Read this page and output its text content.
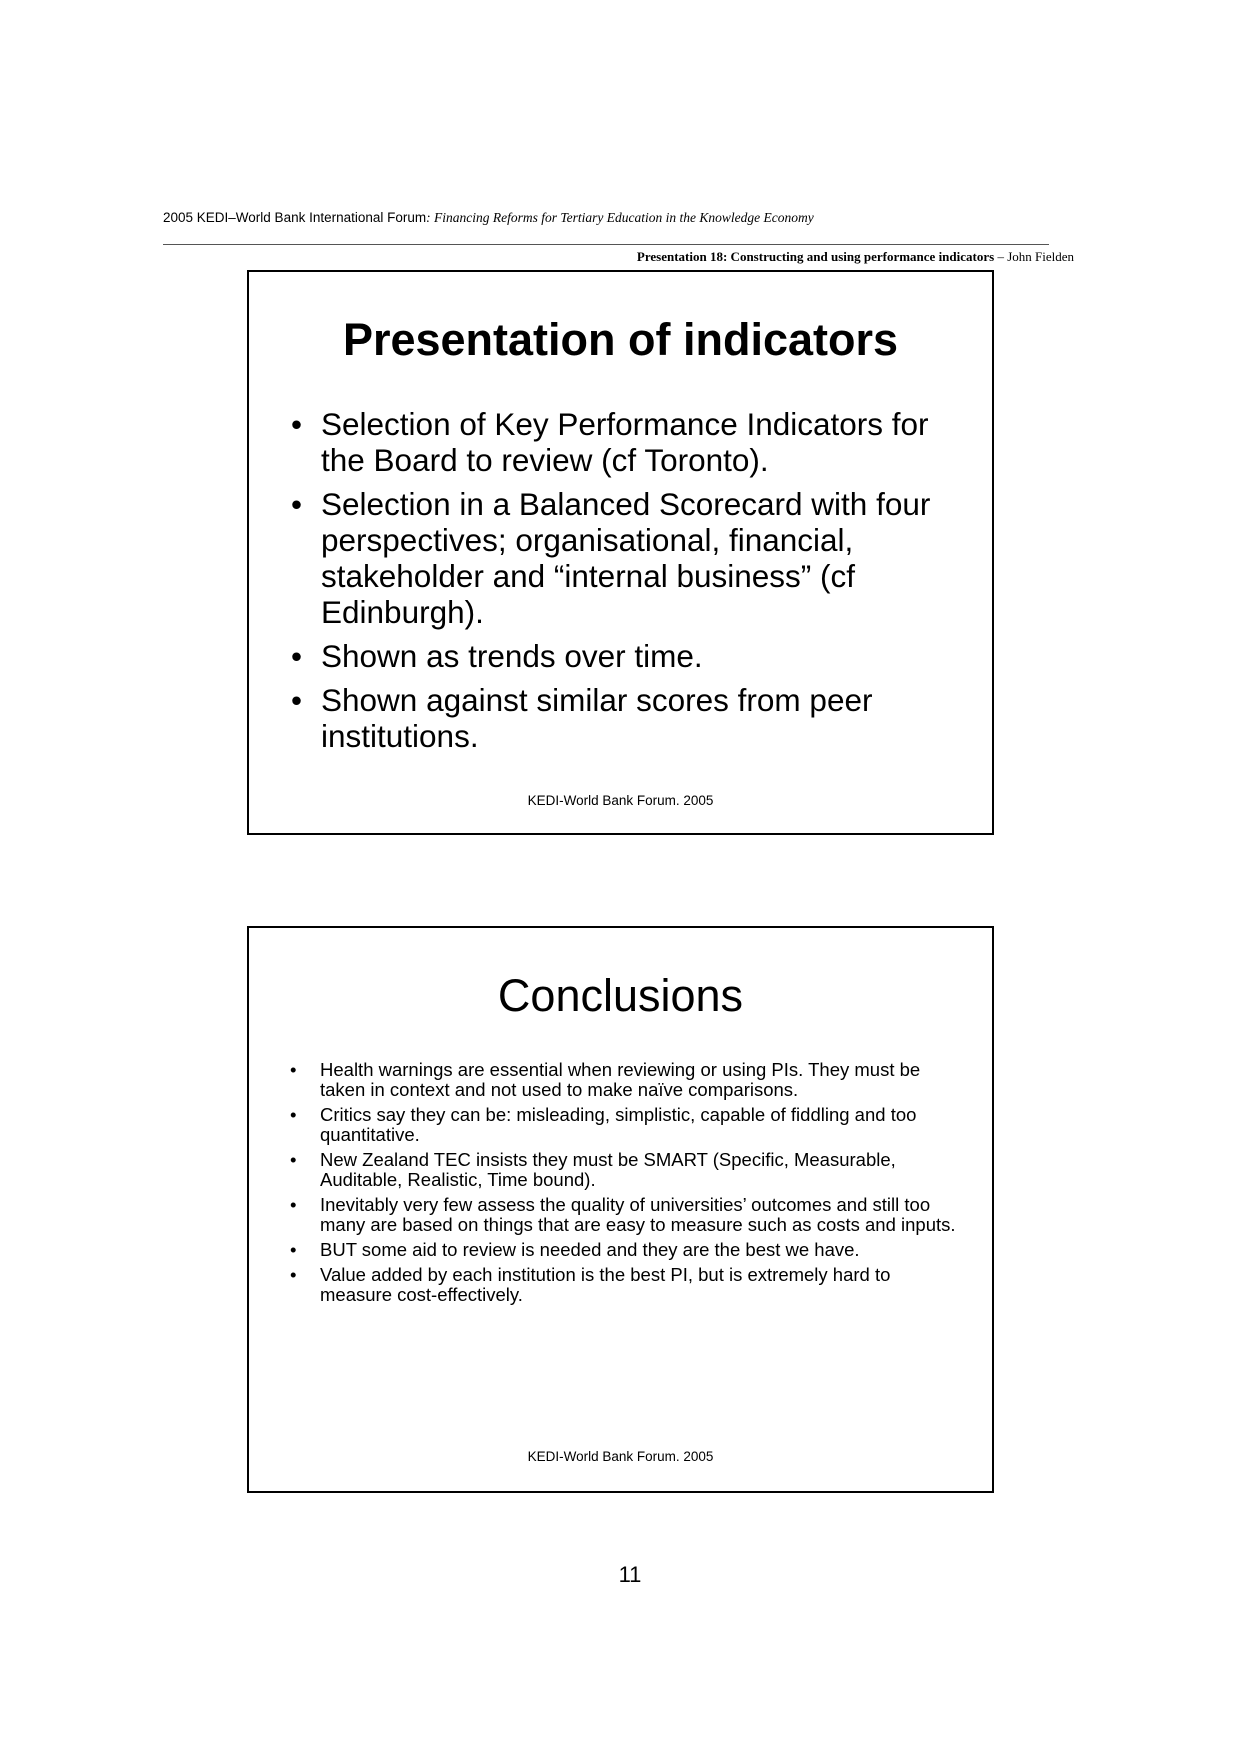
2005 KEDI–World Bank International Forum: Financing Reforms for Tertiary Education in the Knowledge Economy
Presentation 18: Constructing and using performance indicators – John Fielden
Presentation of indicators
• Selection of Key Performance Indicators for the Board to review (cf Toronto).
• Selection in a Balanced Scorecard with four perspectives; organisational, financial, stakeholder and “internal business” (cf Edinburgh).
• Shown as trends over time.
• Shown against similar scores from peer institutions.
KEDI-World Bank Forum. 2005
Conclusions
• Health warnings are essential when reviewing or using PIs. They must be taken in context and not used to make naïve comparisons.
• Critics say they can be: misleading, simplistic, capable of fiddling and too quantitative.
• New Zealand TEC insists they must be SMART (Specific, Measurable, Auditable, Realistic, Time bound).
• Inevitably very few assess the quality of universities’ outcomes and still too many are based on things that are easy to measure such as costs and inputs.
• BUT some aid to review is needed and they are the best we have.
• Value added by each institution is the best PI, but is extremely hard to measure cost-effectively.
KEDI-World Bank Forum. 2005
11
